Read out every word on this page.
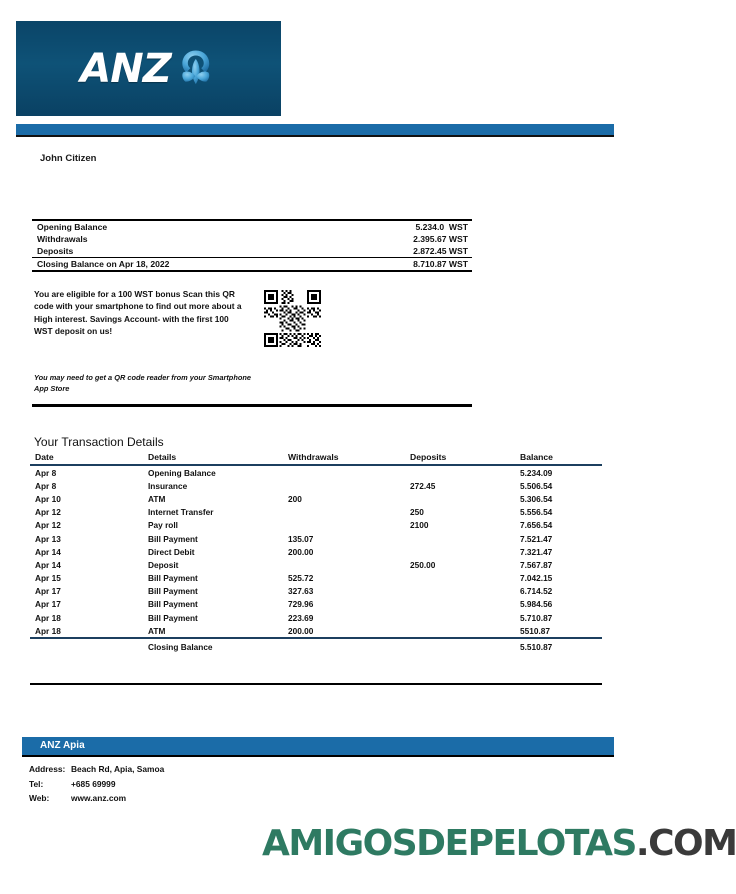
ANZ
John Citizen
Opening Balance	5.234.0  WST
Withdrawals	2.395.67 WST
Deposits	2.872.45 WST
Closing Balance on Apr 18, 2022	8.710.87 WST
You are eligible for a 100 WST bonus Scan this QR code with your smartphone to find out more about a High interest. Savings Account- with the first 100 WST deposit on us!
You may need to get a QR code reader from your Smartphone App Store
Your Transaction Details
Date	Details	Withdrawals	Deposits	Balance
Apr 8	Opening Balance			5.234.09
Apr 8	Insurance		272.45	5.506.54
Apr 10	ATM	200		5.306.54
Apr 12	Internet Transfer		250	5.556.54
Apr 12	Pay roll		2100	7.656.54
Apr 13	Bill Payment	135.07		7.521.47
Apr 14	Direct Debit	200.00		7.321.47
Apr 14	Deposit		250.00	7.567.87
Apr 15	Bill Payment	525.72		7.042.15
Apr 17	Bill Payment	327.63		6.714.52
Apr 17	Bill Payment	729.96		5.984.56
Apr 18	Bill Payment	223.69		5.710.87
Apr 18	ATM	200.00		5510.87
	Closing Balance			5.510.87
ANZ Apia
Address: Beach Rd, Apia, Samoa
Tel:	+685 69999
Web:	www.anz.com
AMIGOSDEPELOTAS.COM
